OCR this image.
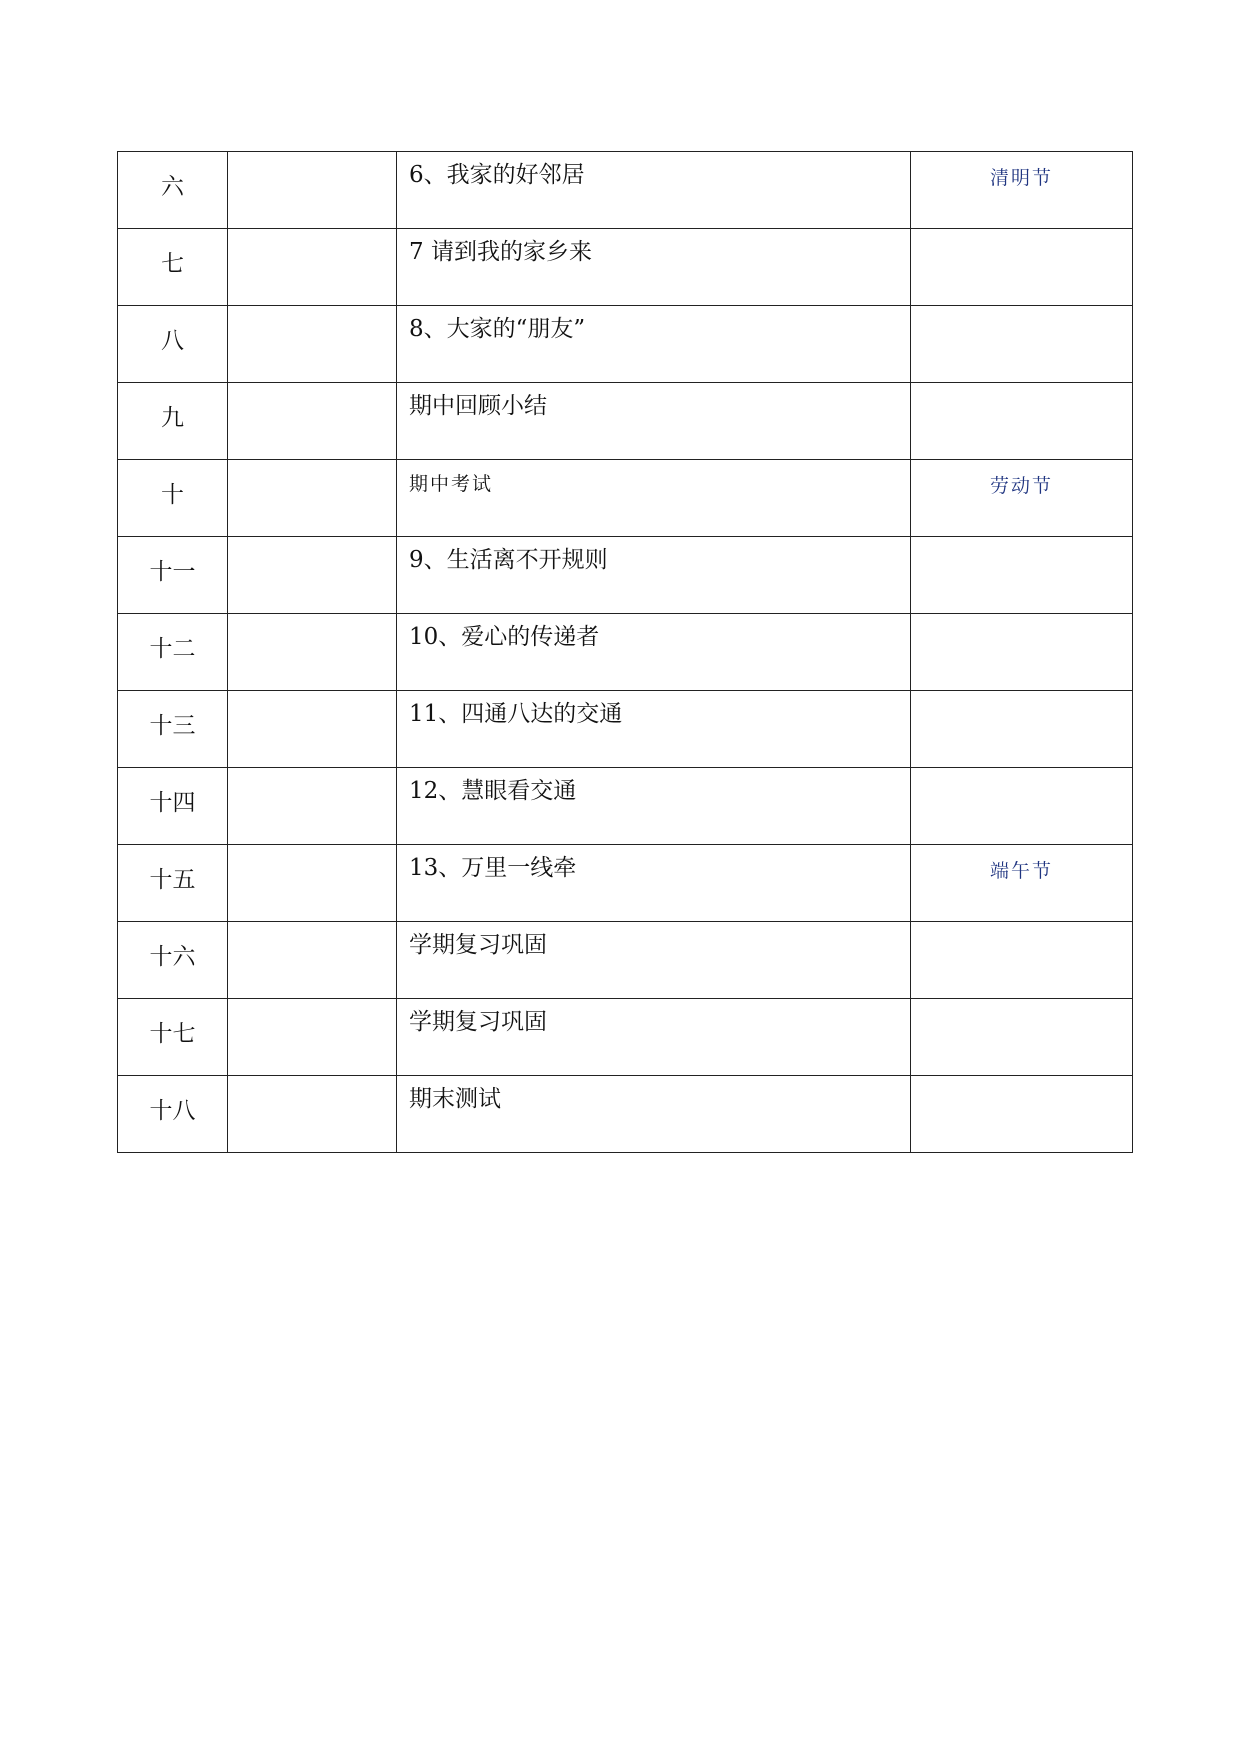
六		6、我家的好邻居	清明节
七		7 请到我的家乡来	
八		8、大家的“朋友”	
九		期中回顾小结	
十		期中考试	劳动节
十一		9、生活离不开规则	
十二		10、爱心的传递者	
十三		11、四通八达的交通	
十四		12、慧眼看交通	
十五		13、万里一线牵	端午节
十六		学期复习巩固	
十七		学期复习巩固	
十八		期末测试	
